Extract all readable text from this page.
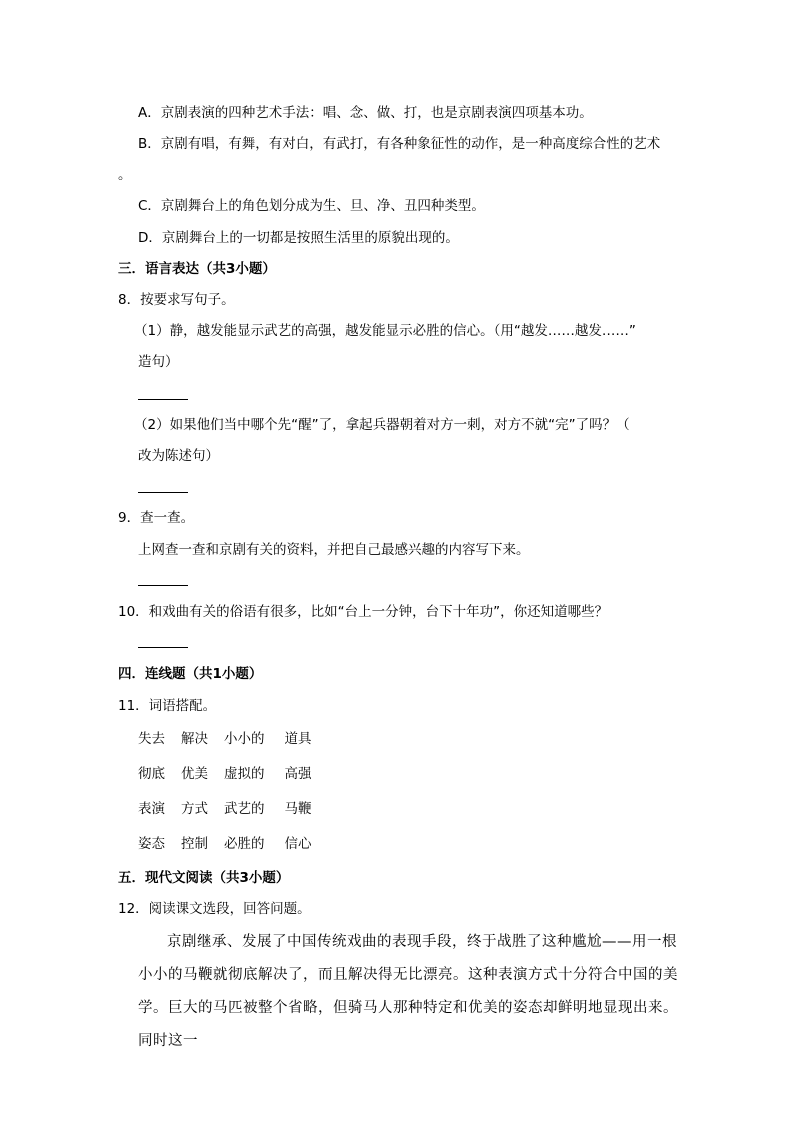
A．京剧表演的四种艺术手法：唱、念、做、打，也是京剧表演四项基本功。
B．京剧有唱，有舞，有对白，有武打，有各种象征性的动作，是一种高度综合性的艺术
。
C．京剧舞台上的角色划分成为生、旦、净、丑四种类型。
D．京剧舞台上的一切都是按照生活里的原貌出现的。
三．语言表达（共3小题）
8．按要求写句子。
（1）静，越发能显示武艺的高强，越发能显示必胜的信心。（用“越发……越发……”
造句）
（2）如果他们当中哪个先“醒”了，拿起兵器朝着对方一刺，对方不就“完”了吗？（
改为陈述句）
9．查一查。
上网查一查和京剧有关的资料，并把自己最感兴趣的内容写下来。
10．和戏曲有关的俗语有很多，比如“台上一分钟，台下十年功”，你还知道哪些？
四．连线题（共1小题）
11．词语搭配。
失去 解决 小小的 道具
彻底 优美 虚拟的 高强
表演 方式 武艺的 马鞭
姿态 控制 必胜的 信心
五．现代文阅读（共3小题）
12．阅读课文选段，回答问题。
京剧继承、发展了中国传统戏曲的表现手段，终于战胜了这种尴尬——用一根小小的马鞭就彻底解决了，而且解决得无比漂亮。这种表演方式十分符合中国的美学。巨大的马匹被整个省略，但骑马人那种特定和优美的姿态却鲜明地显现出来。同时这一
